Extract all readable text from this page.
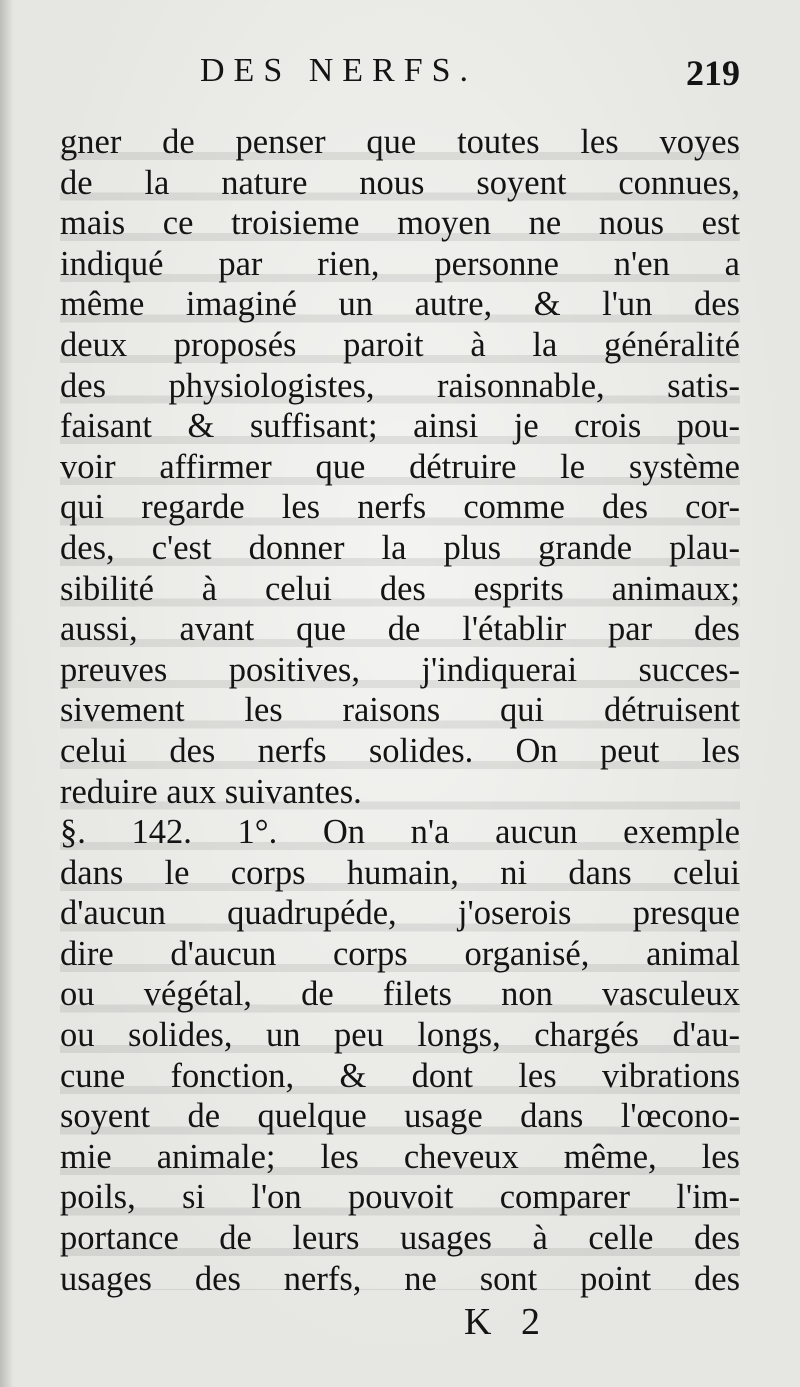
DES NERFS.	219
gner de penser que toutes les voyes
de la nature nous soyent connues,
mais ce troisieme moyen ne nous est
indiqué par rien, personne n'en a
même imaginé un autre, & l'un des
deux proposés paroit à la généralité
des physiologistes, raisonnable, satis-
faisant & suffisant; ainsi je crois pou-
voir affirmer que détruire le système
qui regarde les nerfs comme des cor-
des, c'est donner la plus grande plau-
sibilité à celui des esprits animaux;
aussi, avant que de l'établir par des
preuves positives, j'indiquerai succes-
sivement les raisons qui détruisent
celui des nerfs solides. On peut les
reduire aux suivantes.
§. 142. 1°. On n'a aucun exemple
dans le corps humain, ni dans celui
d'aucun quadrupéde, j'oserois presque
dire d'aucun corps organisé, animal
ou végétal, de filets non vasculeux
ou solides, un peu longs, chargés d'au-
cune fonction, & dont les vibrations
soyent de quelque usage dans l'œcono-
mie animale; les cheveux même, les
poils, si l'on pouvoit comparer l'im-
portance de leurs usages à celle des
usages des nerfs, ne sont point des
K 2
